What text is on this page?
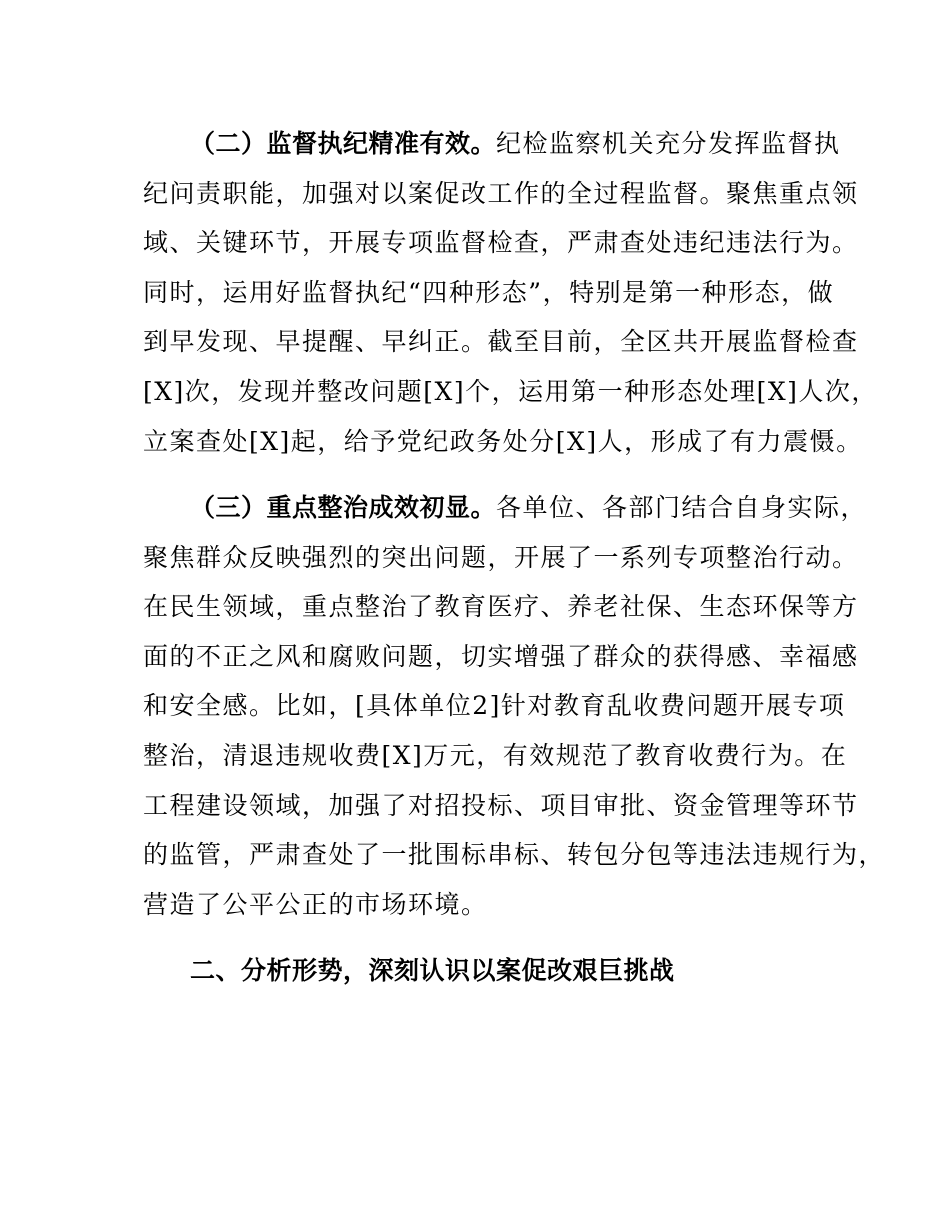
（二）监督执纪精准有效。纪检监察机关充分发挥监督执
纪问责职能，加强对以案促改工作的全过程监督。聚焦重点领
域、关键环节，开展专项监督检查，严肃查处违纪违法行为。
同时，运用好监督执纪“四种形态”，特别是第一种形态，做
到早发现、早提醒、早纠正。截至目前，全区共开展监督检查
[X]次，发现并整改问题[X]个，运用第一种形态处理[X]人次，
立案查处[X]起，给予党纪政务处分[X]人，形成了有力震慑。
（三）重点整治成效初显。各单位、各部门结合自身实际，
聚焦群众反映强烈的突出问题，开展了一系列专项整治行动。
在民生领域，重点整治了教育医疗、养老社保、生态环保等方
面的不正之风和腐败问题，切实增强了群众的获得感、幸福感
和安全感。比如，[具体单位2]针对教育乱收费问题开展专项
整治，清退违规收费[X]万元，有效规范了教育收费行为。在
工程建设领域，加强了对招投标、项目审批、资金管理等环节
的监管，严肃查处了一批围标串标、转包分包等违法违规行为，
营造了公平公正的市场环境。
二、分析形势，深刻认识以案促改艰巨挑战
